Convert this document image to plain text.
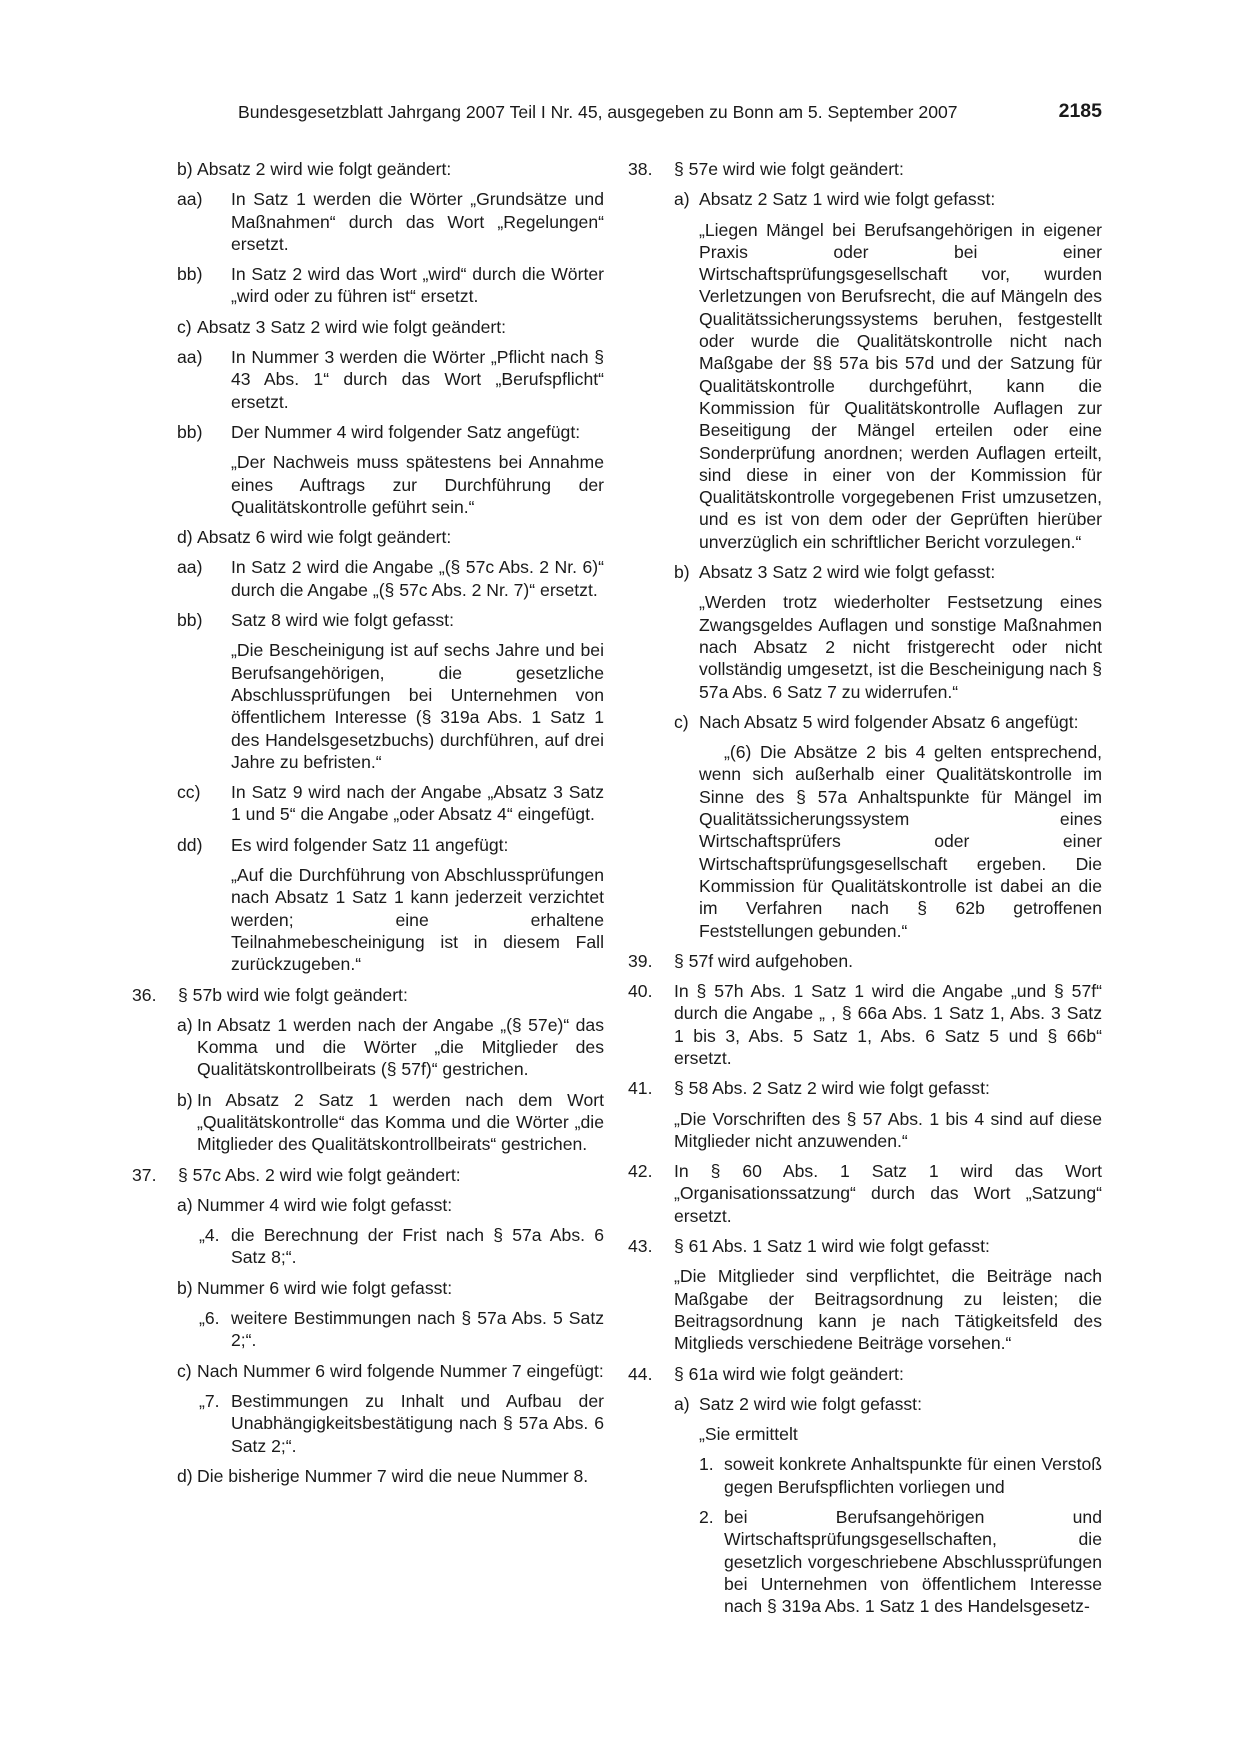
Bundesgesetzblatt Jahrgang 2007 Teil I Nr. 45, ausgegeben zu Bonn am 5. September 2007	2185
b) Absatz 2 wird wie folgt geändert:
aa) In Satz 1 werden die Wörter „Grundsätze und Maßnahmen“ durch das Wort „Regelungen“ ersetzt.
bb) In Satz 2 wird das Wort „wird“ durch die Wörter „wird oder zu führen ist“ ersetzt.
c) Absatz 3 Satz 2 wird wie folgt geändert:
aa) In Nummer 3 werden die Wörter „Pflicht nach § 43 Abs. 1“ durch das Wort „Berufspflicht“ ersetzt.
bb) Der Nummer 4 wird folgender Satz angefügt:
„Der Nachweis muss spätestens bei Annahme eines Auftrags zur Durchführung der Qualitätskontrolle geführt sein.“
d) Absatz 6 wird wie folgt geändert:
aa) In Satz 2 wird die Angabe „(§ 57c Abs. 2 Nr. 6)“ durch die Angabe „(§ 57c Abs. 2 Nr. 7)“ ersetzt.
bb) Satz 8 wird wie folgt gefasst:
„Die Bescheinigung ist auf sechs Jahre und bei Berufsangehörigen, die gesetzliche Abschlussprüfungen bei Unternehmen von öffentlichem Interesse (§ 319a Abs. 1 Satz 1 des Handelsgesetzbuchs) durchführen, auf drei Jahre zu befristen.“
cc) In Satz 9 wird nach der Angabe „Absatz 3 Satz 1 und 5“ die Angabe „oder Absatz 4“ eingefügt.
dd) Es wird folgender Satz 11 angefügt:
„Auf die Durchführung von Abschlussprüfungen nach Absatz 1 Satz 1 kann jederzeit verzichtet werden; eine erhaltene Teilnahmebescheinigung ist in diesem Fall zurückzugeben.“
36. § 57b wird wie folgt geändert:
a) In Absatz 1 werden nach der Angabe „(§ 57e)“ das Komma und die Wörter „die Mitglieder des Qualitätskontrollbeirats (§ 57f)“ gestrichen.
b) In Absatz 2 Satz 1 werden nach dem Wort „Qualitätskontrolle“ das Komma und die Wörter „die Mitglieder des Qualitätskontrollbeirats“ gestrichen.
37. § 57c Abs. 2 wird wie folgt geändert:
a) Nummer 4 wird wie folgt gefasst:
„4. die Berechnung der Frist nach § 57a Abs. 6 Satz 8;“.
b) Nummer 6 wird wie folgt gefasst:
„6. weitere Bestimmungen nach § 57a Abs. 5 Satz 2;“.
c) Nach Nummer 6 wird folgende Nummer 7 eingefügt:
„7. Bestimmungen zu Inhalt und Aufbau der Unabhängigkeitsbestätigung nach § 57a Abs. 6 Satz 2;“.
d) Die bisherige Nummer 7 wird die neue Nummer 8.
38. § 57e wird wie folgt geändert:
a) Absatz 2 Satz 1 wird wie folgt gefasst:
„Liegen Mängel bei Berufsangehörigen in eigener Praxis oder bei einer Wirtschaftsprüfungsgesellschaft vor, wurden Verletzungen von Berufsrecht, die auf Mängeln des Qualitätssicherungssystems beruhen, festgestellt oder wurde die Qualitätskontrolle nicht nach Maßgabe der §§ 57a bis 57d und der Satzung für Qualitätskontrolle durchgeführt, kann die Kommission für Qualitätskontrolle Auflagen zur Beseitigung der Mängel erteilen oder eine Sonderprüfung anordnen; werden Auflagen erteilt, sind diese in einer von der Kommission für Qualitätskontrolle vorgegebenen Frist umzusetzen, und es ist von dem oder der Geprüften hierüber unverzüglich ein schriftlicher Bericht vorzulegen.“
b) Absatz 3 Satz 2 wird wie folgt gefasst:
„Werden trotz wiederholter Festsetzung eines Zwangsgeldes Auflagen und sonstige Maßnahmen nach Absatz 2 nicht fristgerecht oder nicht vollständig umgesetzt, ist die Bescheinigung nach § 57a Abs. 6 Satz 7 zu widerrufen.“
c) Nach Absatz 5 wird folgender Absatz 6 angefügt:
„(6) Die Absätze 2 bis 4 gelten entsprechend, wenn sich außerhalb einer Qualitätskontrolle im Sinne des § 57a Anhaltspunkte für Mängel im Qualitätssicherungssystem eines Wirtschaftsprüfers oder einer Wirtschaftsprüfungsgesellschaft ergeben. Die Kommission für Qualitätskontrolle ist dabei an die im Verfahren nach § 62b getroffenen Feststellungen gebunden.“
39. § 57f wird aufgehoben.
40. In § 57h Abs. 1 Satz 1 wird die Angabe „und § 57f“ durch die Angabe „ , § 66a Abs. 1 Satz 1, Abs. 3 Satz 1 bis 3, Abs. 5 Satz 1, Abs. 6 Satz 5 und § 66b“ ersetzt.
41. § 58 Abs. 2 Satz 2 wird wie folgt gefasst:
„Die Vorschriften des § 57 Abs. 1 bis 4 sind auf diese Mitglieder nicht anzuwenden.“
42. In § 60 Abs. 1 Satz 1 wird das Wort „Organisationssatzung“ durch das Wort „Satzung“ ersetzt.
43. § 61 Abs. 1 Satz 1 wird wie folgt gefasst:
„Die Mitglieder sind verpflichtet, die Beiträge nach Maßgabe der Beitragsordnung zu leisten; die Beitragsordnung kann je nach Tätigkeitsfeld des Mitglieds verschiedene Beiträge vorsehen.“
44. § 61a wird wie folgt geändert:
a) Satz 2 wird wie folgt gefasst:
„Sie ermittelt
1. soweit konkrete Anhaltspunkte für einen Verstoß gegen Berufspflichten vorliegen und
2. bei Berufsangehörigen und Wirtschaftsprüfungsgesellschaften, die gesetzlich vorgeschriebene Abschlussprüfungen bei Unternehmen von öffentlichem Interesse nach § 319a Abs. 1 Satz 1 des Handelsgesetz-
